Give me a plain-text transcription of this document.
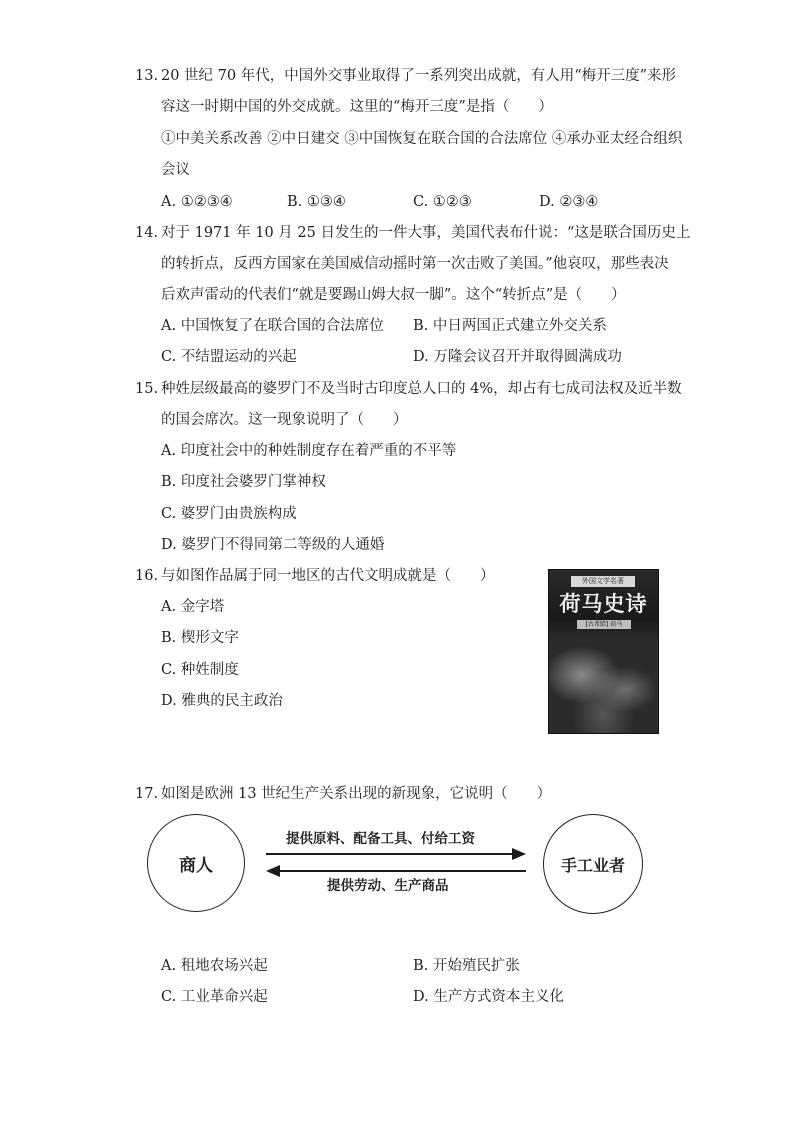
13. 20 世纪 70 年代，中国外交事业取得了一系列突出成就，有人用“梅开三度”来形
容这一时期中国的外交成就。这里的“梅开三度”是指（　　）
①中美关系改善 ②中日建交 ③中国恢复在联合国的合法席位 ④承办亚太经合组织
会议
A. ①②③④	B. ①③④	C. ①②③	D. ②③④
14. 对于 1971 年 10 月 25 日发生的一件大事，美国代表布什说：“这是联合国历史上
的转折点，反西方国家在美国威信动摇时第一次击败了美国。”他哀叹，那些表决
后欢声雷动的代表们“就是要踢山姆大叔一脚”。这个“转折点”是（　　）
A. 中国恢复了在联合国的合法席位 B. 中日两国正式建立外交关系
C. 不结盟运动的兴起	D. 万隆会议召开并取得圆满成功
15. 种姓层级最高的婆罗门不及当时古印度总人口的 4%，却占有七成司法权及近半数
的国会席次。这一现象说明了（　　）
A. 印度社会中的种姓制度存在着严重的不平等
B. 印度社会婆罗门掌神权
C. 婆罗门由贵族构成
D. 婆罗门不得同第二等级的人通婚
16. 与如图作品属于同一地区的古代文明成就是（　　）
A. 金字塔
B. 楔形文字
C. 种姓制度
D. 雅典的民主政治
外国文学名著
荷马史诗
[古希腊] 荷马
17. 如图是欧洲 13 世纪生产关系出现的新现象，它说明（　　）
商人	手工业者
提供原料、配备工具、付给工资
提供劳动、生产商品
A. 租地农场兴起	B. 开始殖民扩张
C. 工业革命兴起	D. 生产方式资本主义化
